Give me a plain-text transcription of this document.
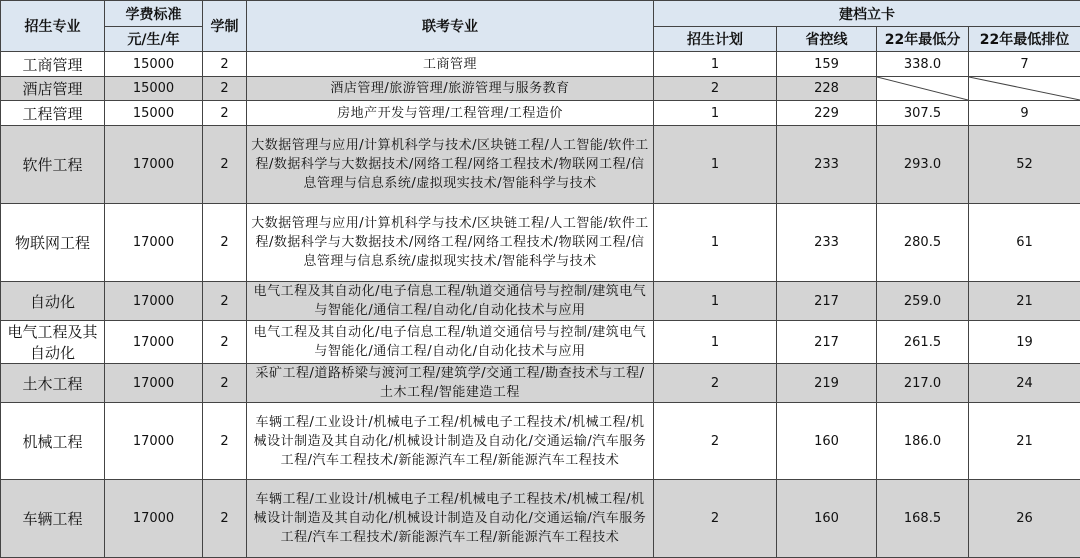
招生专业	学费标准	学制	联考专业	建档立卡			
	元/生/年			招生计划	省控线	22年最低分	22年最低排位
工商管理	15000	2	工商管理	1	159	338.0	7
酒店管理	15000	2	酒店管理/旅游管理/旅游管理与服务教育	2	228	

工程管理	15000	2	房地产开发与管理/工程管理/工程造价	1	229	307.5	9
软件工程	17000	2	大数据管理与应用/计算机科学与技术/区块链工程/人工智能/软件工程/数据科学与大数据技术/网络工程/网络工程技术/物联网工程/信息管理与信息系统/虚拟现实技术/智能科学与技术	1	233	293.0	52
物联网工程	17000	2	大数据管理与应用/计算机科学与技术/区块链工程/人工智能/软件工程/数据科学与大数据技术/网络工程/网络工程技术/物联网工程/信息管理与信息系统/虚拟现实技术/智能科学与技术	1	233	280.5	61
自动化	17000	2	电气工程及其自动化/电子信息工程/轨道交通信号与控制/建筑电气与智能化/通信工程/自动化/自动化技术与应用	1	217	259.0	21
电气工程及其自动化	17000	2	电气工程及其自动化/电子信息工程/轨道交通信号与控制/建筑电气与智能化/通信工程/自动化/自动化技术与应用	1	217	261.5	19
土木工程	17000	2	采矿工程/道路桥梁与渡河工程/建筑学/交通工程/勘查技术与工程/土木工程/智能建造工程	2	219	217.0	24
机械工程	17000	2	车辆工程/工业设计/机械电子工程/机械电子工程技术/机械工程/机械设计制造及其自动化/机械设计制造及自动化/交通运输/汽车服务工程/汽车工程技术/新能源汽车工程/新能源汽车工程技术	2	160	186.0	21
车辆工程	17000	2	车辆工程/工业设计/机械电子工程/机械电子工程技术/机械工程/机械设计制造及其自动化/机械设计制造及自动化/交通运输/汽车服务工程/汽车工程技术/新能源汽车工程/新能源汽车工程技术	2	160	168.5	26
